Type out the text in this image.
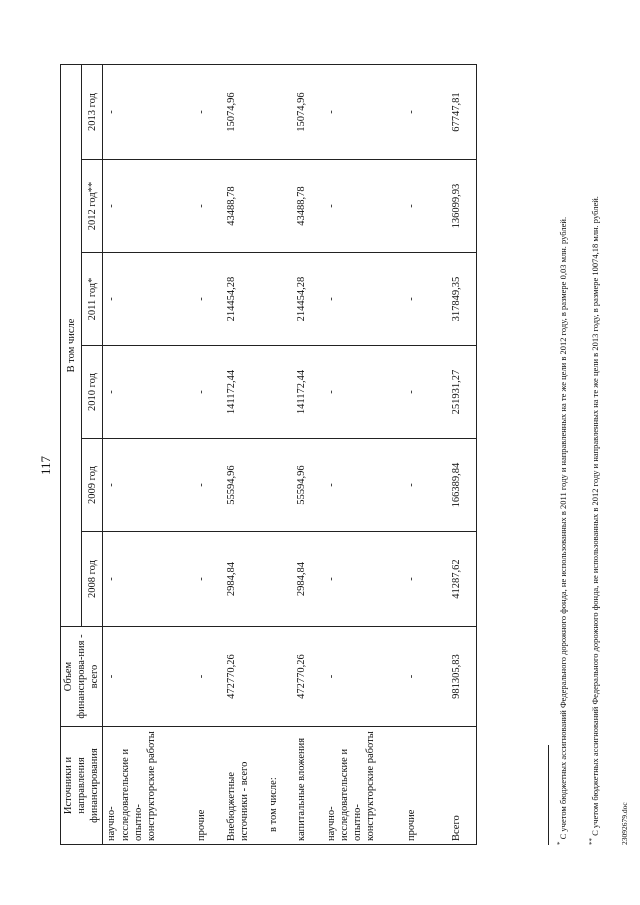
117
Источники и направления финансирования	Объем финансирова-ния - всего	В том числе					
		2008 год	2009 год	2010 год	2011 год*	2012 год**	2013 год
научно-исследовательские и опытно-конструкторские работы	-	-	-	-	-	-	-
прочие	-	-	-	-	-	-	-
Внебюджетные источники - всего	472770,26	2984,84	55594,96	141172,44	214454,28	43488,78	15074,96
в том числе:							
капитальные вложения	472770,26	2984,84	55594,96	141172,44	214454,28	43488,78	15074,96
научно-исследовательские и опытно-конструкторские работы	-	-	-	-	-	-	-
прочие	-	-	-	-	-	-	-
Всего	981305,83	41287,62	166389,84	251931,27	317849,35	136099,93	67747,81
* С учетом бюджетных ассигнований Федерального дорожного фонда, не использованных в 2011 году и направленных на те же цели в 2012 году, в размере 0,03 млн. рублей.
** С учетом бюджетных ассигнований Федерального дорожного фонда, не использованных в 2012 году и направленных на те же цели в 2013 году, в размере 10074,18 млн. рублей.	23092679.doc
